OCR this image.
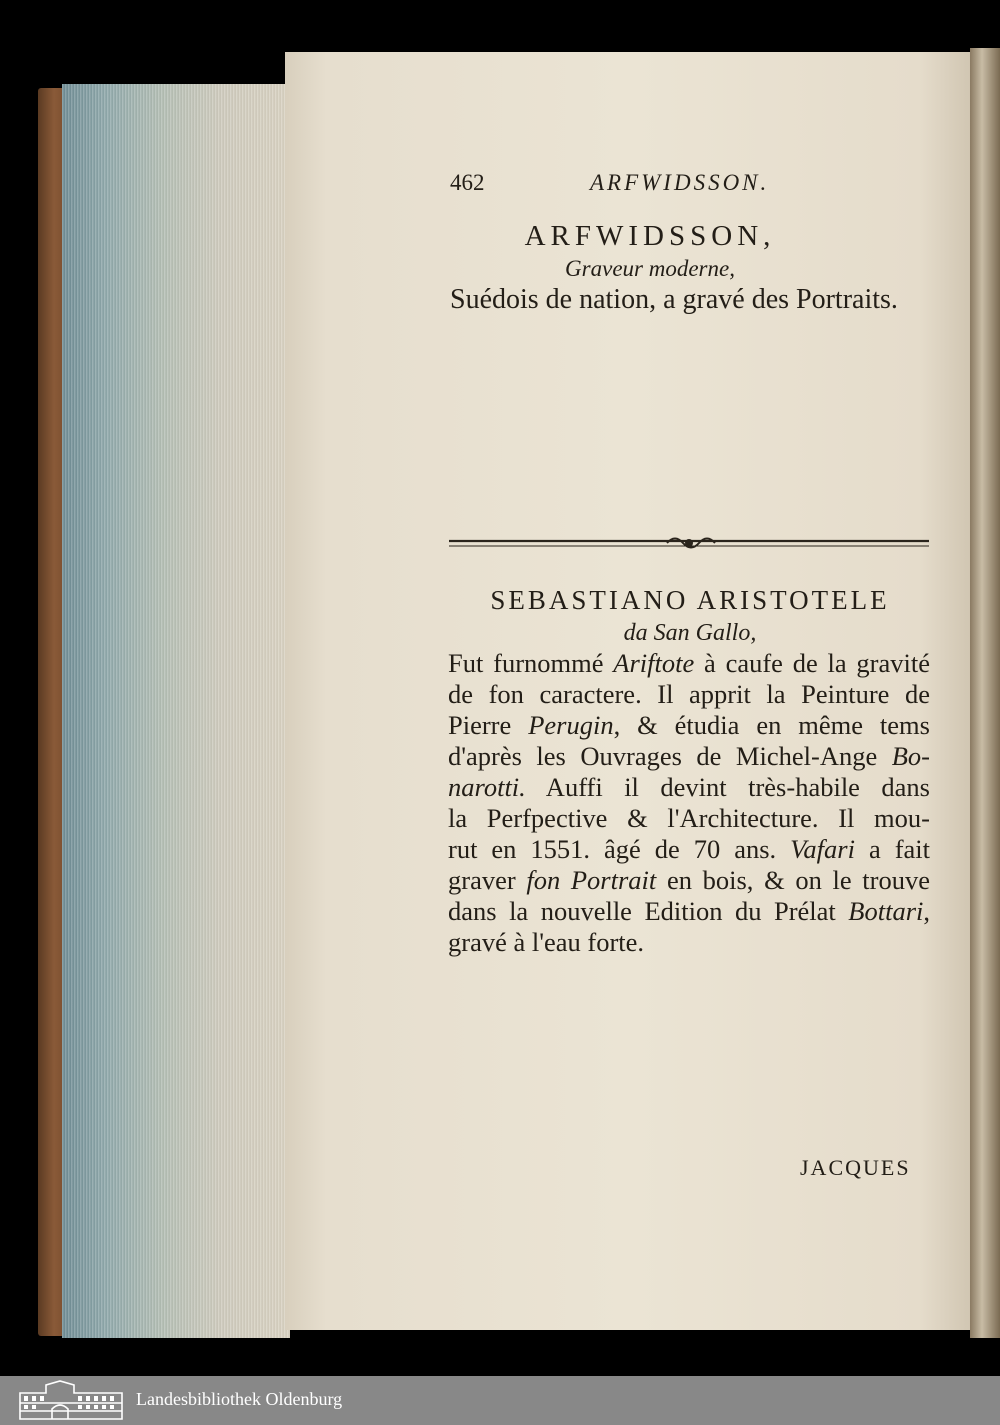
462	ARFWIDSSON.
ARFWIDSSON,
Graveur moderne,
Suédois de nation, a gravé des Portraits.
SEBASTIANO ARISTOTELE
da San Gallo,
Fut furnommé Ariftote à caufe de la gravité
de fon caractere. Il apprit la Peinture de
Pierre Perugin, & étudia en même tems
d'après les Ouvrages de Michel-Ange Bo-
narotti. Auffi il devint très-habile dans
la Perfpective & l'Architecture. Il mou-
rut en 1551. âgé de 70 ans. Vafari a fait
graver fon Portrait en bois, & on le trouve
dans la nouvelle Edition du Prélat Bottari,
gravé à l'eau forte.
JACQUES
Landesbibliothek Oldenburg
